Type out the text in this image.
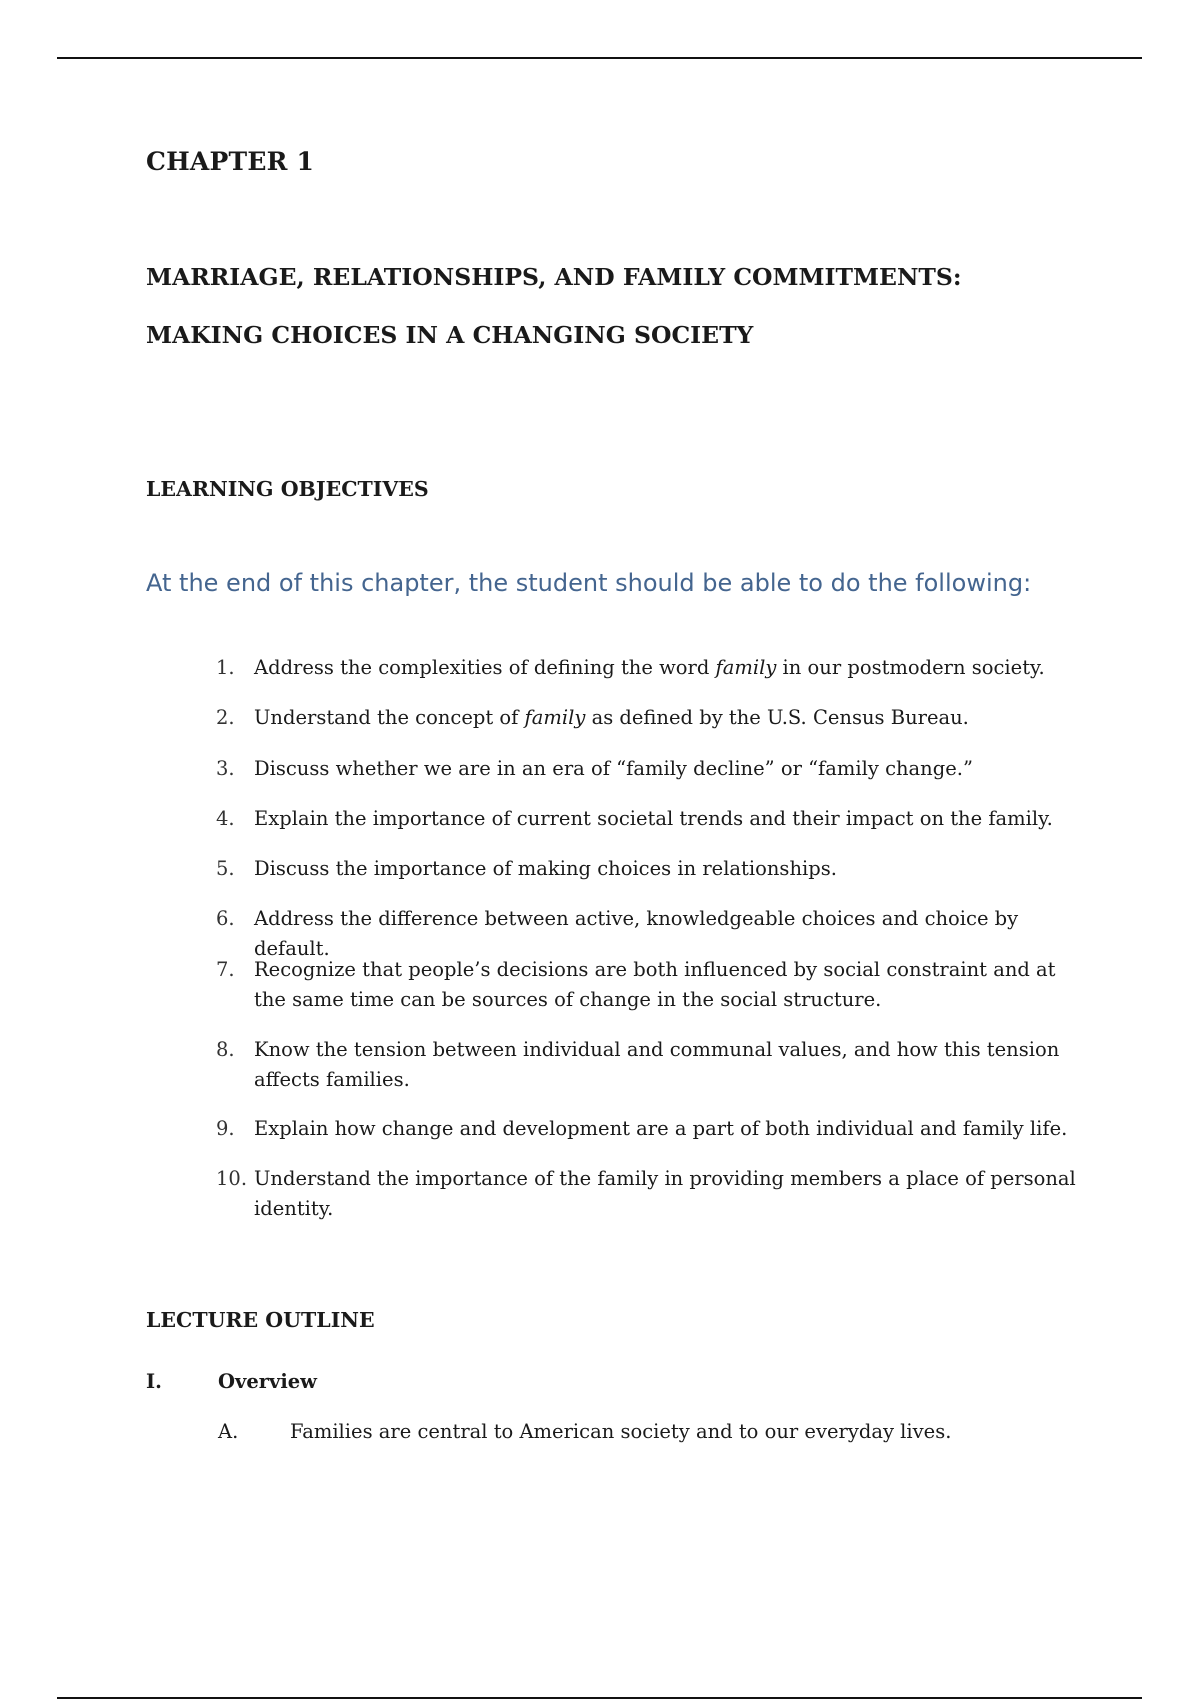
CHAPTER 1
MARRIAGE, RELATIONSHIPS, AND FAMILY COMMITMENTS:
MAKING CHOICES IN A CHANGING SOCIETY
LEARNING OBJECTIVES
At the end of this chapter, the student should be able to do the following:
1. Address the complexities of defining the word family in our postmodern society.
2. Understand the concept of family as defined by the U.S. Census Bureau.
3. Discuss whether we are in an era of “family decline” or “family change.”
4. Explain the importance of current societal trends and their impact on the family.
5. Discuss the importance of making choices in relationships.
6. Address the difference between active, knowledgeable choices and choice by default.
7. Recognize that people’s decisions are both influenced by social constraint and at the same time can be sources of change in the social structure.
8. Know the tension between individual and communal values, and how this tension affects families.
9. Explain how change and development are a part of both individual and family life.
10. Understand the importance of the family in providing members a place of personal identity.
LECTURE OUTLINE
I.	Overview
A.	Families are central to American society and to our everyday lives.
